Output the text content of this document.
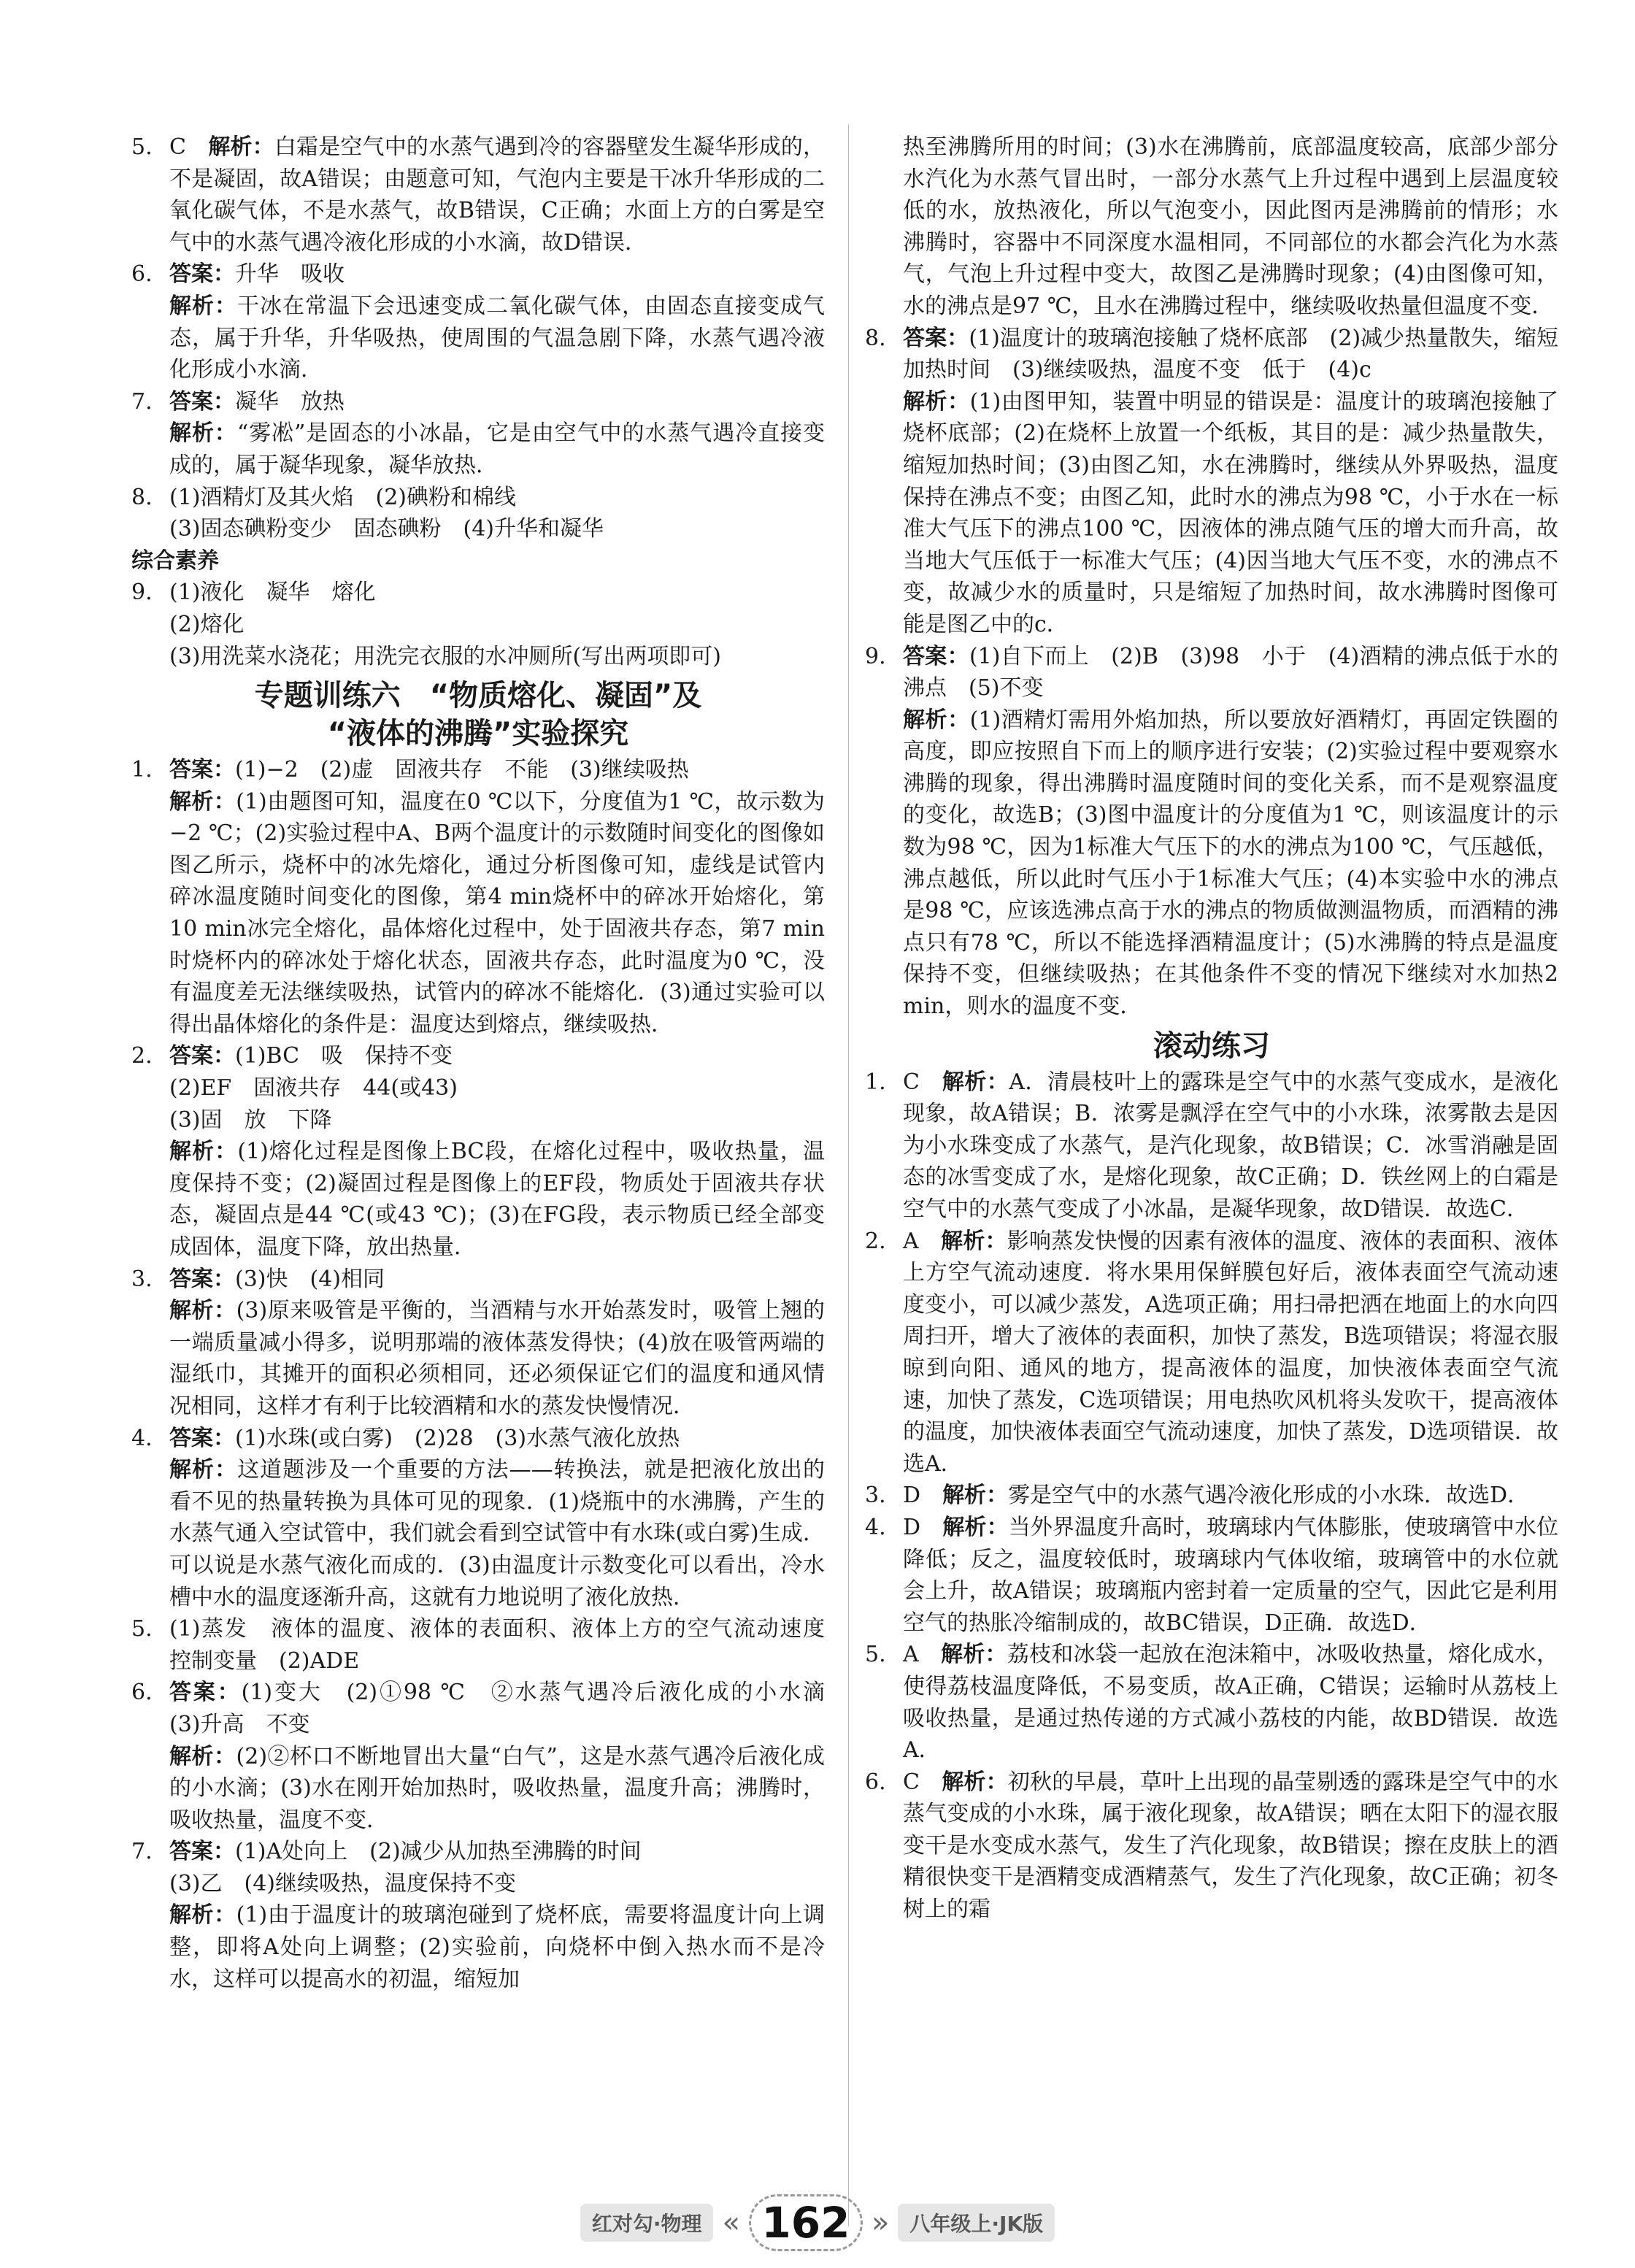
5. C　 解析：白霜是空气中的水蒸气遇到冷的容器壁发生凝华形成的，不是凝固，故A错误；由题意可知，气泡内主要是干冰升华形成的二氧化碳气体，不是水蒸气，故B错误，C正确；水面上方的白雾是空气中的水蒸气遇冷液化形成的小水滴，故D错误．

6. 答案：升华　吸收

解析：干冰在常温下会迅速变成二氧化碳气体，由固态直接变成气态，属于升华，升华吸热，使周围的气温急剧下降，水蒸气遇冷液化形成小水滴．

7. 答案：凝华　放热

解析：“雾凇”是固态的小冰晶，它是由空气中的水蒸气遇冷直接变成的，属于凝华现象，凝华放热．

8. (1)酒精灯及其火焰　(2)碘粉和棉线

(3)固态碘粉变少　固态碘粉　(4)升华和凝华

综合素养

9. (1)液化　凝华　熔化

(2)熔化

(3)用洗菜水浇花；用洗完衣服的水冲厕所(写出两项即可)

专题训练六　“物质熔化、凝固”及
“液体的沸腾”实验探究

1. 答案：(1)−2　(2)虚　固液共存　不能　(3)继续吸热

解析：(1)由题图可知，温度在0 ℃以下，分度值为1 ℃，故示数为−2 ℃；(2)实验过程中A、B两个温度计的示数随时间变化的图像如图乙所示，烧杯中的冰先熔化，通过分析图像可知，虚线是试管内碎冰温度随时间变化的图像，第4 min烧杯中的碎冰开始熔化，第10 min冰完全熔化，晶体熔化过程中，处于固液共存态，第7 min时烧杯内的碎冰处于熔化状态，固液共存态，此时温度为0 ℃，没有温度差无法继续吸热，试管内的碎冰不能熔化．(3)通过实验可以得出晶体熔化的条件是：温度达到熔点，继续吸热．

2. 答案：(1)BC　吸　保持不变

(2)EF　固液共存　44(或43)

(3)固　放　下降

解析：(1)熔化过程是图像上BC段，在熔化过程中，吸收热量，温度保持不变；(2)凝固过程是图像上的EF段，物质处于固液共存状态，凝固点是44 ℃(或43 ℃)；(3)在FG段，表示物质已经全部变成固体，温度下降，放出热量．

3. 答案：(3)快　(4)相同

解析：(3)原来吸管是平衡的，当酒精与水开始蒸发时，吸管上翘的一端质量减小得多，说明那端的液体蒸发得快；(4)放在吸管两端的湿纸巾，其摊开的面积必须相同，还必须保证它们的温度和通风情况相同，这样才有利于比较酒精和水的蒸发快慢情况．

4. 答案：(1)水珠(或白雾)　(2)28　(3)水蒸气液化放热

解析：这道题涉及一个重要的方法——转换法，就是把液化放出的看不见的热量转换为具体可见的现象．(1)烧瓶中的水沸腾，产生的水蒸气通入空试管中，我们就会看到空试管中有水珠(或白雾)生成．可以说是水蒸气液化而成的．(3)由温度计示数变化可以看出，冷水槽中水的温度逐渐升高，这就有力地说明了液化放热．

5. (1)蒸发　液体的温度、液体的表面积、液体上方的空气流动速度　控制变量　(2)ADE

6. 答案：(1)变大　(2)①98 ℃　②水蒸气遇冷后液化成的小水滴　(3)升高　不变

解析：(2)②杯口不断地冒出大量“白气”，这是水蒸气遇冷后液化成的小水滴；(3)水在刚开始加热时，吸收热量，温度升高；沸腾时，吸收热量，温度不变．

7. 答案：(1)A处向上　(2)减少从加热至沸腾的时间

(3)乙　(4)继续吸热，温度保持不变

解析：(1)由于温度计的玻璃泡碰到了烧杯底，需要将温度计向上调整，即将A处向上调整；(2)实验前，向烧杯中倒入热水而不是冷水，这样可以提高水的初温，缩短加

热至沸腾所用的时间；(3)水在沸腾前，底部温度较高，底部少部分水汽化为水蒸气冒出时，一部分水蒸气上升过程中遇到上层温度较低的水，放热液化，所以气泡变小，因此图丙是沸腾前的情形；水沸腾时，容器中不同深度水温相同，不同部位的水都会汽化为水蒸气，气泡上升过程中变大，故图乙是沸腾时现象；(4)由图像可知，水的沸点是97 ℃，且水在沸腾过程中，继续吸收热量但温度不变．

8. 答案：(1)温度计的玻璃泡接触了烧杯底部　(2)减少热量散失，缩短加热时间　(3)继续吸热，温度不变　低于　(4)c

解析：(1)由图甲知，装置中明显的错误是：温度计的玻璃泡接触了烧杯底部；(2)在烧杯上放置一个纸板，其目的是：减少热量散失，缩短加热时间；(3)由图乙知，水在沸腾时，继续从外界吸热，温度保持在沸点不变；由图乙知，此时水的沸点为98 ℃，小于水在一标准大气压下的沸点100 ℃，因液体的沸点随气压的增大而升高，故当地大气压低于一标准大气压；(4)因当地大气压不变，水的沸点不变，故减少水的质量时，只是缩短了加热时间，故水沸腾时图像可能是图乙中的c．

9. 答案：(1)自下而上　(2)B　(3)98　小于　(4)酒精的沸点低于水的沸点　(5)不变

解析：(1)酒精灯需用外焰加热，所以要放好酒精灯，再固定铁圈的高度，即应按照自下而上的顺序进行安装；(2)实验过程中要观察水沸腾的现象，得出沸腾时温度随时间的变化关系，而不是观察温度的变化，故选B；(3)图中温度计的分度值为1 ℃，则该温度计的示数为98 ℃，因为1标准大气压下的水的沸点为100 ℃，气压越低，沸点越低，所以此时气压小于1标准大气压；(4)本实验中水的沸点是98 ℃，应该选沸点高于水的沸点的物质做测温物质，而酒精的沸点只有78 ℃，所以不能选择酒精温度计；(5)水沸腾的特点是温度保持不变，但继续吸热；在其他条件不变的情况下继续对水加热2 min，则水的温度不变．

滚动练习

1. C　 解析：A．清晨枝叶上的露珠是空气中的水蒸气变成水，是液化现象，故A错误；B．浓雾是飘浮在空气中的小水珠，浓雾散去是因为小水珠变成了水蒸气，是汽化现象，故B错误；C．冰雪消融是固态的冰雪变成了水，是熔化现象，故C正确；D．铁丝网上的白霜是空气中的水蒸气变成了小冰晶，是凝华现象，故D错误．故选C．

2. A　 解析：影响蒸发快慢的因素有液体的温度、液体的表面积、液体上方空气流动速度．将水果用保鲜膜包好后，液体表面空气流动速度变小，可以减少蒸发，A选项正确；用扫帚把洒在地面上的水向四周扫开，增大了液体的表面积，加快了蒸发，B选项错误；将湿衣服晾到向阳、通风的地方，提高液体的温度，加快液体表面空气流速，加快了蒸发，C选项错误；用电热吹风机将头发吹干，提高液体的温度，加快液体表面空气流动速度，加快了蒸发，D选项错误．故选A．

3. D　 解析：雾是空气中的水蒸气遇冷液化形成的小水珠．故选D．

4. D　 解析：当外界温度升高时，玻璃球内气体膨胀，使玻璃管中水位降低；反之，温度较低时，玻璃球内气体收缩，玻璃管中的水位就会上升，故A错误；玻璃瓶内密封着一定质量的空气，因此它是利用空气的热胀冷缩制成的，故BC错误，D正确．故选D．

5. A　 解析：荔枝和冰袋一起放在泡沫箱中，冰吸收热量，熔化成水，使得荔枝温度降低，不易变质，故A正确，C错误；运输时从荔枝上吸收热量，是通过热传递的方式减小荔枝的内能，故BD错误．故选A．

6. C　 解析：初秋的早晨，草叶上出现的晶莹剔透的露珠是空气中的水蒸气变成的小水珠，属于液化现象，故A错误；晒在太阳下的湿衣服变干是水变成水蒸气，发生了汽化现象，故B错误；擦在皮肤上的酒精很快变干是酒精变成酒精蒸气，发生了汽化现象，故C正确；初冬树上的霜

红对勾·物理 « 162 »	八年级上·JK版
